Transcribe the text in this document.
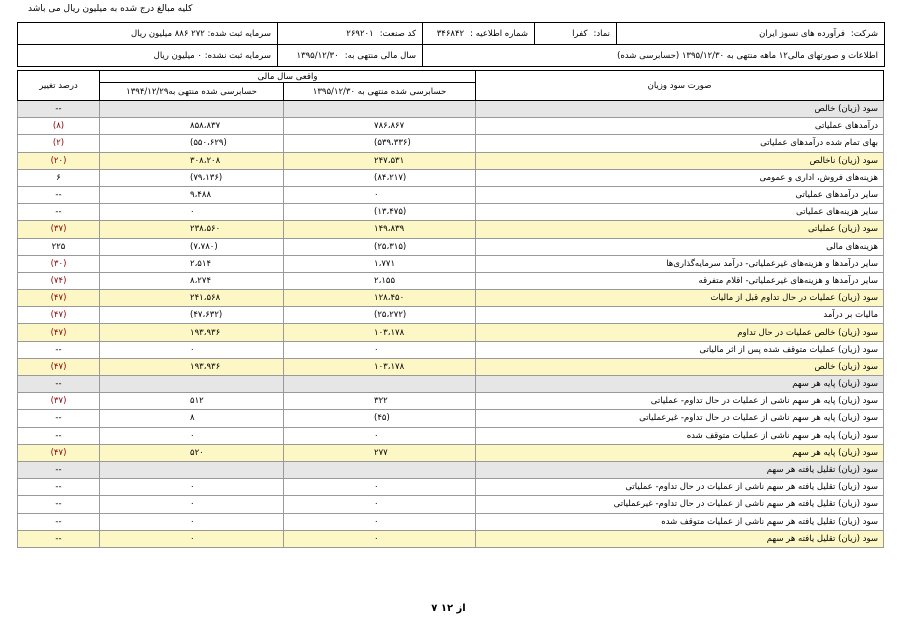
کلیه مبالغ درج شده به میلیون ریال می باشد
شرکت:
فرآورده های نسوز ایران
نماد:
کفرا
شماره اطلاعیه :
۳۴۶۸۴۲
کد صنعت:
۲۶۹۲۰۱
سرمایه ثبت شده: ۲۷۲ ۸۸۶ میلیون ریال
اطلاعات و صورتهای مالی۱۲ ماهه منتهی به ۱۳۹۵/۱۲/۳۰ (حسابرسی شده)
سال مالی منتهی به:
۱۳۹۵/۱۲/۳۰
سرمایه ثبت نشده: ۰ میلیون ریال
صورت سود وزیان	واقعی سال مالی		درصد تغییر
	حسابرسی شده منتهی به ۱۳۹۵/۱۲/۳۰	حسابرسی شده منتهی به۱۳۹۴/۱۲/۲۹	
سود (زیان) خالص			--
درآمدهای عملیاتی	۷۸۶،۸۶۷	۸۵۸،۸۳۷	(۸)
بهای تمام شده درآمدهای عملیاتی	(۵۳۹،۳۳۶)	(۵۵۰،۶۲۹)	(۲)
سود (زیان) ناخالص	۲۴۷،۵۳۱	۳۰۸،۲۰۸	(۲۰)
هزینه‌های فروش، اداری و عمومی	(۸۴،۲۱۷)	(۷۹،۱۳۶)	۶
سایر درآمدهای عملیاتی	۰	۹،۴۸۸	--
سایر هزینه‌های عملیاتی	(۱۳،۴۷۵)	۰	--
سود (زیان) عملیاتی	۱۴۹،۸۳۹	۲۳۸،۵۶۰	(۳۷)
هزینه‌های مالی	(۲۵،۳۱۵)	(۷،۷۸۰)	۲۲۵
سایر درآمدها و هزینه‌های غیرعملیاتی- درآمد سرمایه‌گذاری‌ها	۱،۷۷۱	۲،۵۱۴	(۳۰)
سایر درآمدها و هزینه‌های غیرعملیاتی- اقلام متفرقه	۲،۱۵۵	۸،۲۷۴	(۷۴)
سود (زیان) عملیات در حال تداوم قبل از مالیات	۱۲۸،۴۵۰	۲۴۱،۵۶۸	(۴۷)
مالیات بر درآمد	(۲۵،۲۷۲)	(۴۷،۶۳۲)	(۴۷)
سود (زیان) خالص عملیات در حال تداوم	۱۰۳،۱۷۸	۱۹۳،۹۳۶	(۴۷)
سود (زیان) عملیات متوقف شده پس از اثر مالیاتی	۰	۰	--
سود (زیان) خالص	۱۰۳،۱۷۸	۱۹۳،۹۳۶	(۴۷)
سود (زیان) پایه هر سهم			--
سود (زیان) پایه هر سهم ناشی از عملیات در حال تداوم- عملیاتی	۳۲۲	۵۱۲	(۳۷)
سود (زیان) پایه هر سهم ناشی از عملیات در حال تداوم- غیرعملیاتی	(۴۵)	۸	--
سود (زیان) پایه هر سهم ناشی از عملیات متوقف شده	۰	۰	--
سود (زیان) پایه هر سهم	۲۷۷	۵۲۰	(۴۷)
سود (زیان) تقلیل یافته هر سهم			--
سود (زیان) تقلیل یافته هر سهم ناشی از عملیات در حال تداوم- عملیاتی	۰	۰	--
سود (زیان) تقلیل یافته هر سهم ناشی از عملیات در حال تداوم- غیرعملیاتی	۰	۰	--
سود (زیان) تقلیل یافته هر سهم ناشی از عملیات متوقف شده	۰	۰	--
سود (زیان) تقلیل یافته هر سهم	۰	۰	--
۷ از ۱۲
